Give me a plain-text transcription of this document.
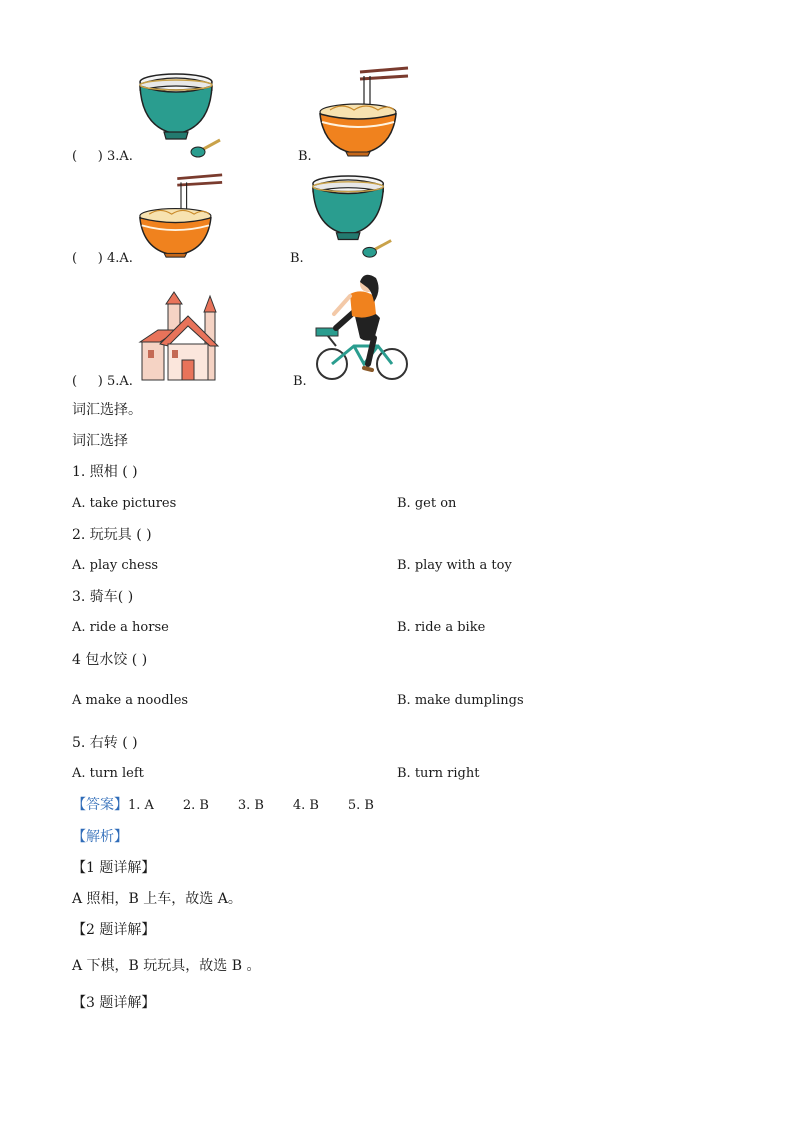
( ) 3.A.	B.
( ) 4.A.	B.
( ) 5.A.	B.
词汇选择。
词汇选择
1. 照相 ( )
A. take pictures	B. get on
2. 玩玩具 ( )
A. play chess	B. play with a toy
3. 骑车( )
A. ride a horse	B. ride a bike
4 包水饺 ( )
A make a noodles	B. make dumplings
5. 右转 ( )
A. turn left	B. turn right
【答案】1. A       2. B       3. B       4. B       5. B
【解析】
【1 题详解】
A 照相，B 上车，故选 A。
【2 题详解】
A 下棋，B 玩玩具，故选 B 。
【3 题详解】
